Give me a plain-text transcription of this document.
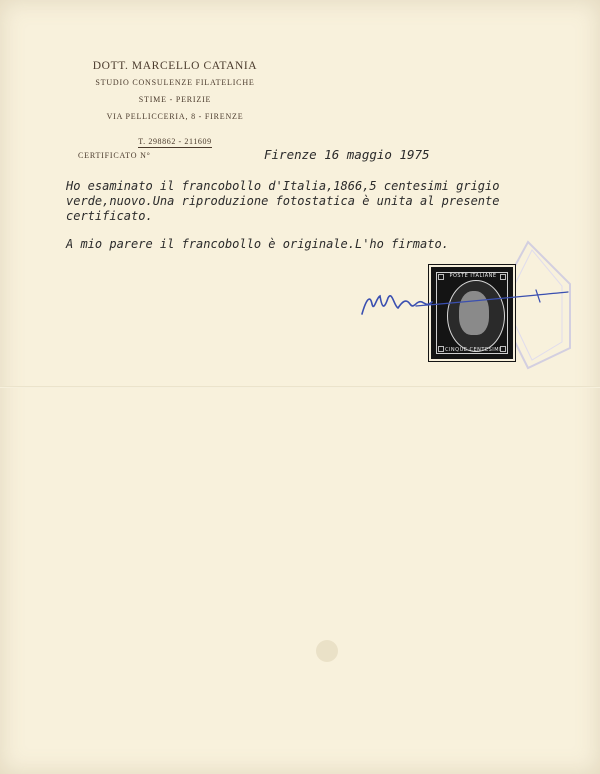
DOTT. MARCELLO CATANIA
STUDIO CONSULENZE FILATELICHE
STIME - PERIZIE
VIA PELLICCERIA, 8 - FIRENZE
T. 298862 - 211609
CERTIFICATO N°	Firenze 16 maggio 1975
Ho esaminato il francobollo d'Italia,1866,5 centesimi grigio
verde,nuovo.Una riproduzione fotostatica è unita al presente
certificato.
A mio parere il francobollo è originale.L'ho firmato.
POSTE ITALIANE
CINQUE CENTESIMI
